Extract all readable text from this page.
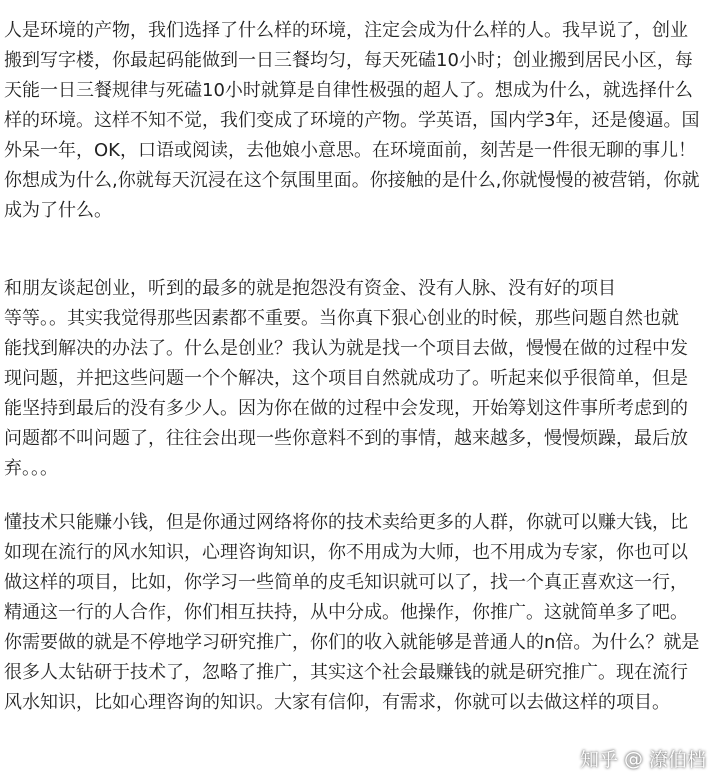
人是环境的产物，我们选择了什么样的环境，注定会成为什么样的人。我早说了，创业
搬到写字楼，你最起码能做到一日三餐均匀，每天死磕10小时；创业搬到居民小区，每
天能一日三餐规律与死磕10小时就算是自律性极强的超人了。想成为什么，就选择什么
样的环境。这样不知不觉，我们变成了环境的产物。学英语，国内学3年，还是傻逼。国
外呆一年，OK，口语或阅读，去他娘小意思。在环境面前，刻苦是一件很无聊的事儿！
你想成为什么,你就每天沉浸在这个氛围里面。你接触的是什么,你就慢慢的被营销，你就
成为了什么。
和朋友谈起创业，听到的最多的就是抱怨没有资金、没有人脉、没有好的项目
等等。。其实我觉得那些因素都不重要。当你真下狠心创业的时候，那些问题自然也就
能找到解决的办法了。什么是创业？我认为就是找一个项目去做，慢慢在做的过程中发
现问题，并把这些问题一个个解决，这个项目自然就成功了。听起来似乎很简单，但是
能坚持到最后的没有多少人。因为你在做的过程中会发现，开始筹划这件事所考虑到的
问题都不叫问题了，往往会出现一些你意料不到的事情，越来越多，慢慢烦躁，最后放
弃。。。
懂技术只能赚小钱，但是你通过网络将你的技术卖给更多的人群，你就可以赚大钱，比
如现在流行的风水知识，心理咨询知识，你不用成为大师，也不用成为专家，你也可以
做这样的项目，比如，你学习一些简单的皮毛知识就可以了，找一个真正喜欢这一行，
精通这一行的人合作，你们相互扶持，从中分成。他操作，你推广。这就简单多了吧。
你需要做的就是不停地学习研究推广，你们的收入就能够是普通人的n倍。为什么？就是
很多人太钻研于技术了，忽略了推广，其实这个社会最赚钱的就是研究推广。现在流行
风水知识，比如心理咨询的知识。大家有信仰，有需求，你就可以去做这样的项目。
知乎 @ 潦伯档
